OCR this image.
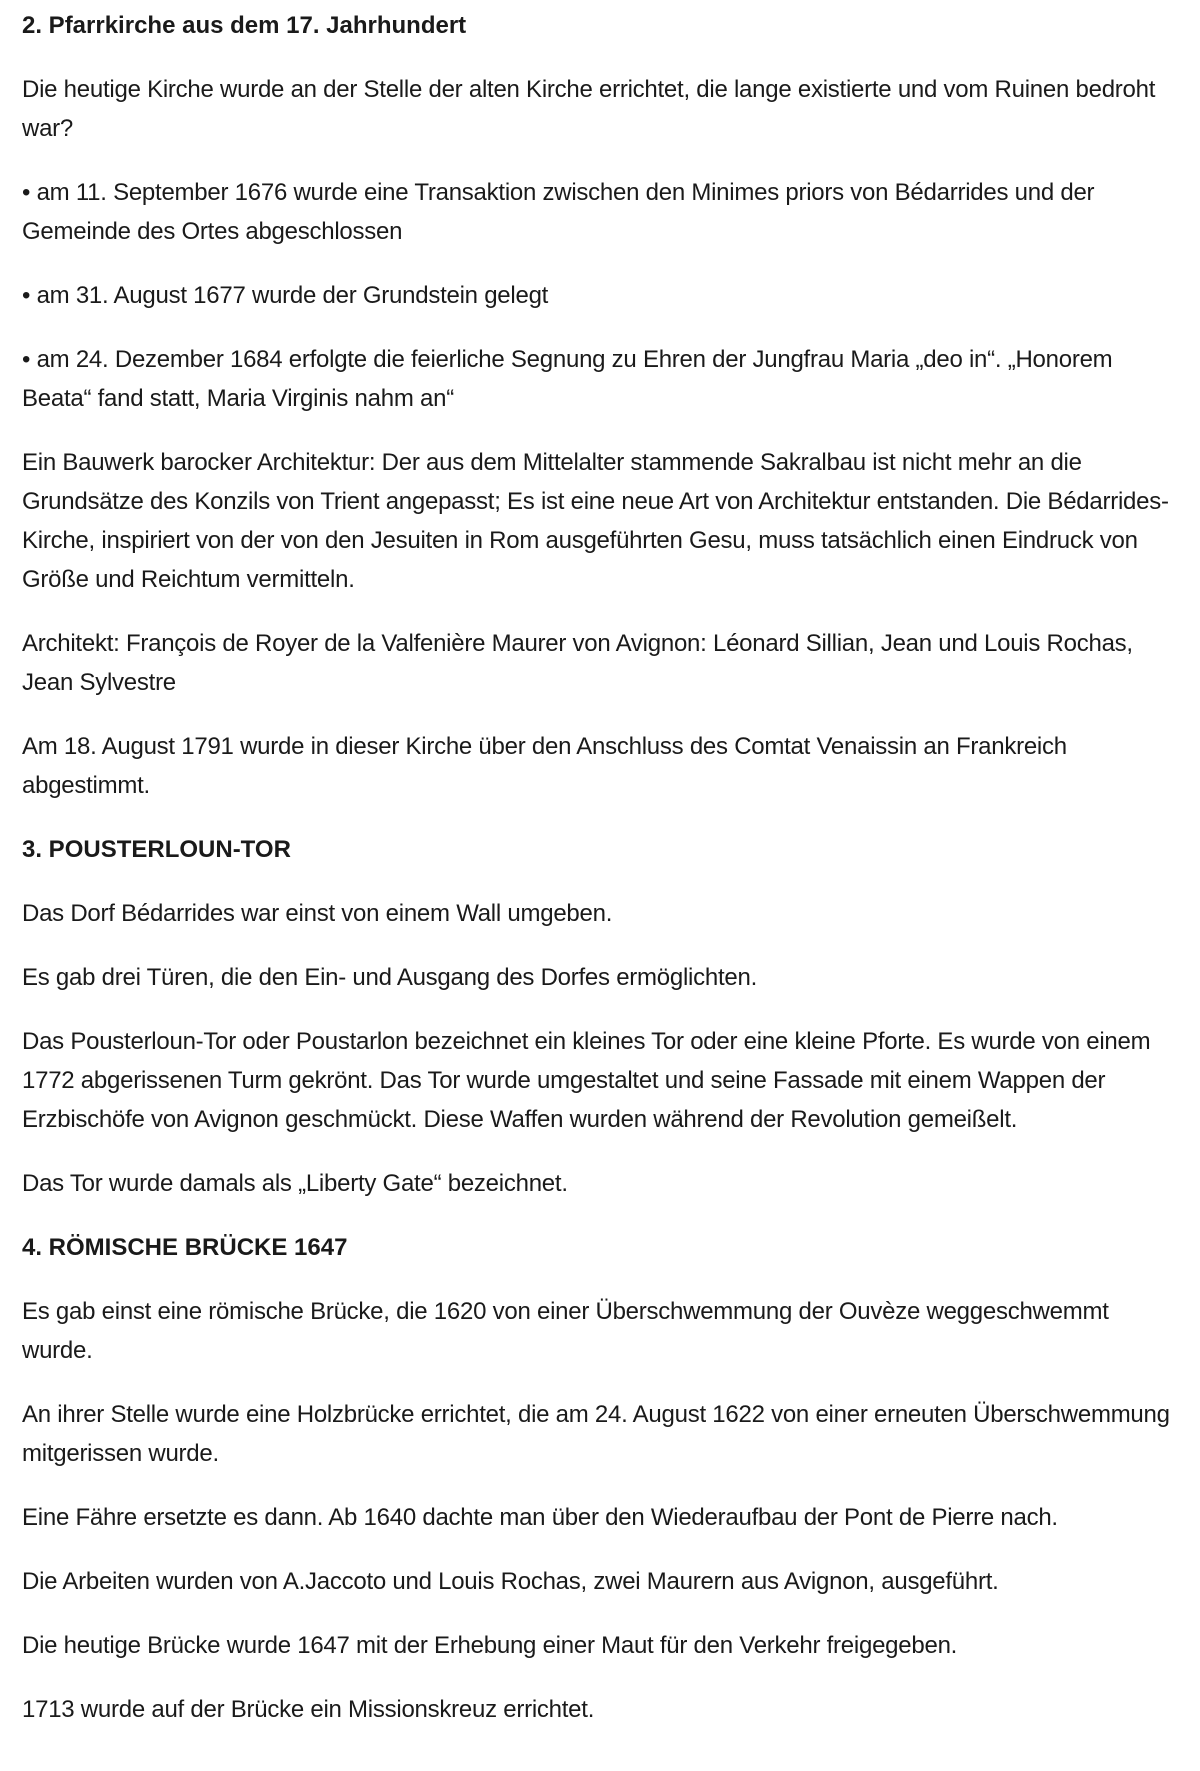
2. Pfarrkirche aus dem 17. Jahrhundert

Die heutige Kirche wurde an der Stelle der alten Kirche errichtet, die lange existierte und vom Ruinen bedroht war?

• am 11. September 1676 wurde eine Transaktion zwischen den Minimes priors von Bédarrides und der Gemeinde des Ortes abgeschlossen

• am 31. August 1677 wurde der Grundstein gelegt

• am 24. Dezember 1684 erfolgte die feierliche Segnung zu Ehren der Jungfrau Maria „deo in“. „Honorem Beata“ fand statt, Maria Virginis nahm an“

Ein Bauwerk barocker Architektur: Der aus dem Mittelalter stammende Sakralbau ist nicht mehr an die Grundsätze des Konzils von Trient angepasst; Es ist eine neue Art von Architektur entstanden. Die Bédarrides-Kirche, inspiriert von der von den Jesuiten in Rom ausgeführten Gesu, muss tatsächlich einen Eindruck von Größe und Reichtum vermitteln.

Architekt: François de Royer de la Valfenière Maurer von Avignon: Léonard Sillian, Jean und Louis Rochas, Jean Sylvestre

Am 18. August 1791 wurde in dieser Kirche über den Anschluss des Comtat Venaissin an Frankreich abgestimmt.

3. POUSTERLOUN-TOR

Das Dorf Bédarrides war einst von einem Wall umgeben.

Es gab drei Türen, die den Ein- und Ausgang des Dorfes ermöglichten.

Das Pousterloun-Tor oder Poustarlon bezeichnet ein kleines Tor oder eine kleine Pforte. Es wurde von einem 1772 abgerissenen Turm gekrönt. Das Tor wurde umgestaltet und seine Fassade mit einem Wappen der Erzbischöfe von Avignon geschmückt. Diese Waffen wurden während der Revolution gemeißelt.

Das Tor wurde damals als „Liberty Gate“ bezeichnet.

4. RÖMISCHE BRÜCKE 1647

Es gab einst eine römische Brücke, die 1620 von einer Überschwemmung der Ouvèze weggeschwemmt wurde.

An ihrer Stelle wurde eine Holzbrücke errichtet, die am 24. August 1622 von einer erneuten Überschwemmung mitgerissen wurde.

Eine Fähre ersetzte es dann. Ab 1640 dachte man über den Wiederaufbau der Pont de Pierre nach.

Die Arbeiten wurden von A.Jaccoto und Louis Rochas, zwei Maurern aus Avignon, ausgeführt.

Die heutige Brücke wurde 1647 mit der Erhebung einer Maut für den Verkehr freigegeben.

1713 wurde auf der Brücke ein Missionskreuz errichtet.
